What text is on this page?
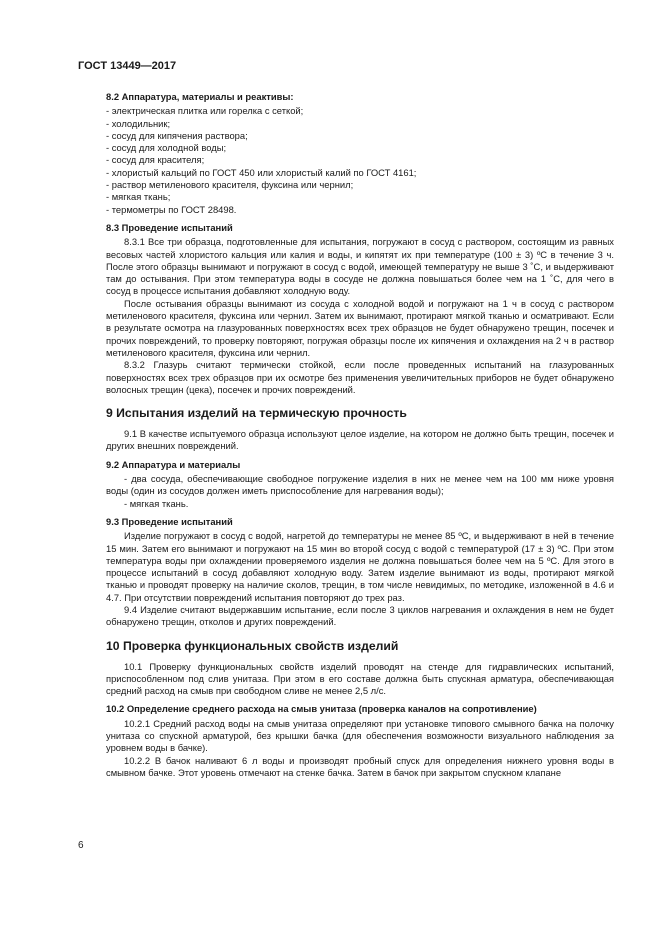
ГОСТ 13449—2017

8.2 Аппаратура, материалы и реактивы:

- электрическая плитка или горелка с сеткой;

- холодильник;

- сосуд для кипячения раствора;

- сосуд для холодной воды;

- сосуд для красителя;

- хлористый кальций по ГОСТ 450 или хлористый калий по ГОСТ 4161;

- раствор метиленового красителя, фуксина или чернил;

- мягкая ткань;

- термометры по ГОСТ 28498.

8.3 Проведение испытаний

8.3.1 Все три образца, подготовленные для испытания, погружают в сосуд с раствором, состоящим из равных весовых частей хлористого кальция или калия и воды, и кипятят их при температуре (100 ± 3) ºС в течение 3 ч. После этого образцы вынимают и погружают в сосуд с водой, имеющей температуру не выше 3 ˚С, и выдерживают там до остывания. При этом температура воды в сосуде не должна повышаться более чем на 1 ˚С, для чего в сосуд в процессе испытания добавляют холодную воду.

После остывания образцы вынимают из сосуда с холодной водой и погружают на 1 ч в сосуд с раствором метиленового красителя, фуксина или чернил. Затем их вынимают, протирают мягкой тканью и осматривают. Если в результате осмотра на глазурованных поверхностях всех трех образцов не будет обнаружено трещин, посечек и прочих повреждений, то проверку повторяют, погружая образцы после их кипячения и охлаждения на 2 ч в раствор метиленового красителя, фуксина или чернил.

8.3.2 Глазурь считают термически стойкой, если после проведенных испытаний на глазурованных поверхностях всех трех образцов при их осмотре без применения увеличительных приборов не будет обнаружено волосных трещин (цека), посечек и прочих повреждений.

9 Испытания изделий на термическую прочность

9.1 В качестве испытуемого образца используют целое изделие, на котором не должно быть трещин, посечек и других внешних повреждений.

9.2 Аппаратура и материалы

- два сосуда, обеспечивающие свободное погружение изделия в них не менее чем на 100 мм ниже уровня воды (один из сосудов должен иметь приспособление для нагревания воды);

- мягкая ткань.

9.3 Проведение испытаний

Изделие погружают в сосуд с водой, нагретой до температуры не менее 85 ºС, и выдерживают в ней в течение 15 мин. Затем его вынимают и погружают на 15 мин во второй сосуд с водой с температурой (17 ± 3) ºС. При этом температура воды при охлаждении проверяемого изделия не должна повышаться более чем на 5 ºС. Для этого в процессе испытаний в сосуд добавляют холодную воду. Затем изделие вынимают из воды, протирают мягкой тканью и проводят проверку на наличие сколов, трещин, в том числе невидимых, по методике, изложенной в 4.6 и 4.7. При отсутствии повреждений испытания повторяют до трех раз.

9.4 Изделие считают выдержавшим испытание, если после 3 циклов нагревания и охлаждения в нем не будет обнаружено трещин, отколов и других повреждений.

10 Проверка функциональных свойств изделий

10.1 Проверку функциональных свойств изделий проводят на стенде для гидравлических испытаний, приспособленном под слив унитаза. При этом в его составе должна быть спускная арматура, обеспечивающая средний расход на смыв при свободном сливе не менее 2,5 л/с.

10.2 Определение среднего расхода на смыв унитаза (проверка каналов на сопротивление)

10.2.1 Средний расход воды на смыв унитаза определяют при установке типового смывного бачка на полочку унитаза со спускной арматурой, без крышки бачка (для обеспечения возможности визуального наблюдения за уровнем воды в бачке).

10.2.2 В бачок наливают 6 л воды и производят пробный спуск для определения нижнего уровня воды в смывном бачке. Этот уровень отмечают на стенке бачка. Затем в бачок при закрытом спускном клапане

6
